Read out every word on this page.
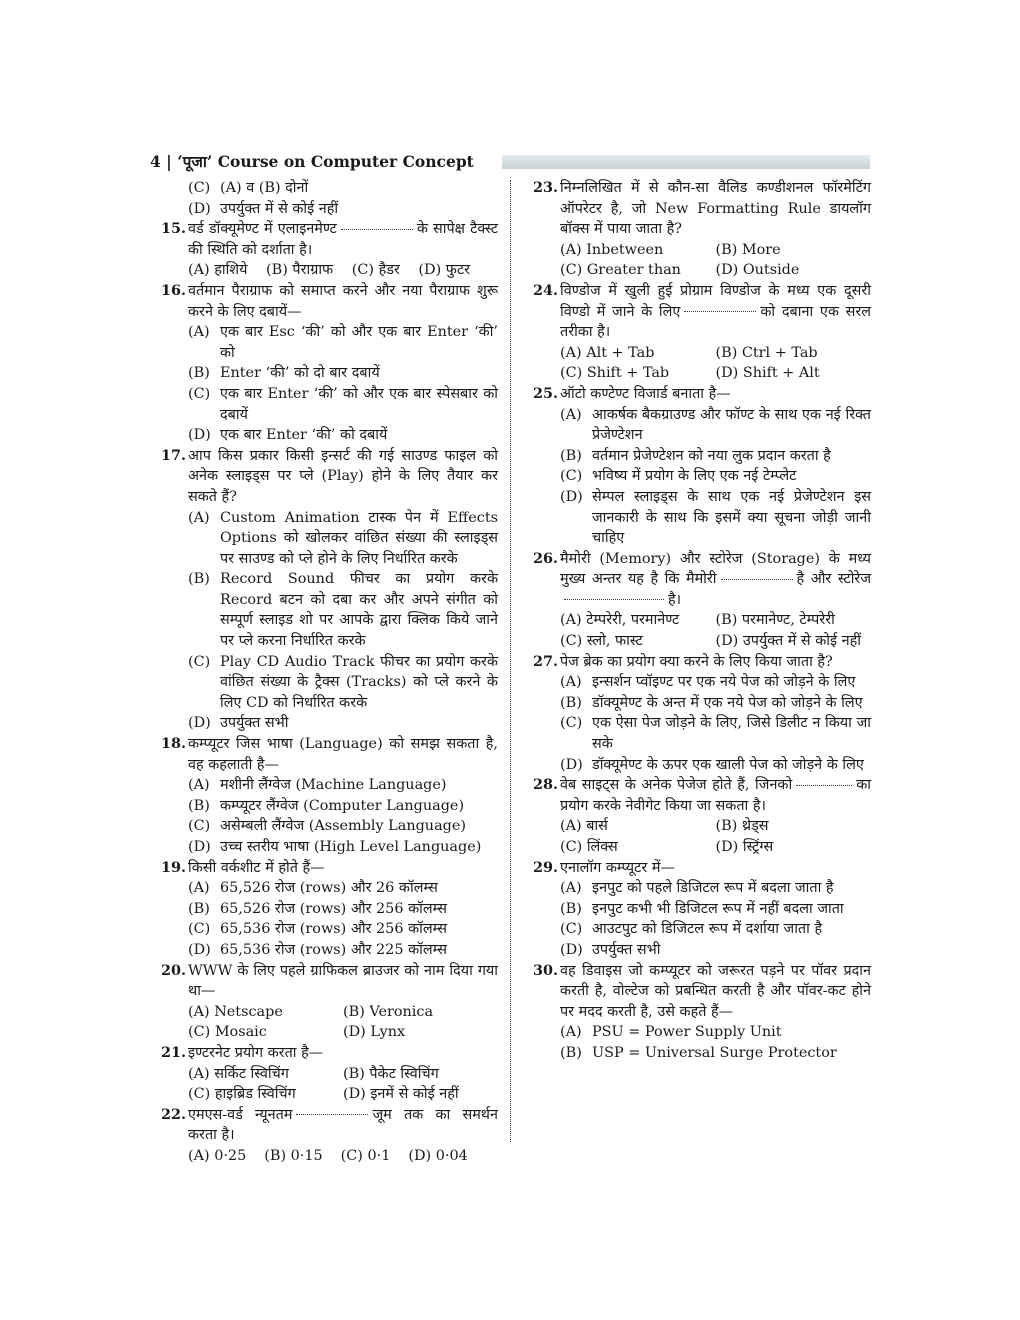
4 | ‘पूजा’ Course on Computer Concept
(C) (A) व (B) दोनों
(D) उपर्युक्त में से कोई नहीं
15. वर्ड डॉक्यूमेण्ट में एलाइनमेण्ट	के सापेक्ष टैक्स्ट की स्थिति को दर्शाता है।
(A) हाशिये (B) पैराग्राफ (C) हैडर (D) फुटर
16. वर्तमान पैराग्राफ को समाप्त करने और नया पैराग्राफ शुरू करने के लिए दबायें—
(A) एक बार Esc ‘की’ को और एक बार Enter ‘की’ को
(B) Enter ‘की’ को दो बार दबायें
(C) एक बार Enter ‘की’ को और एक बार स्पेसबार को दबायें
(D) एक बार Enter ‘की’ को दबायें
17. आप किस प्रकार किसी इन्सर्ट की गई साउण्ड फाइल को अनेक स्लाइड्स पर प्ले (Play) होने के लिए तैयार कर सकते हैं?
(A) Custom Animation टास्क पेन में Effects Options को खोलकर वांछित संख्या की स्लाइड्स पर साउण्ड को प्ले होने के लिए निर्धारित करके
(B) Record Sound फीचर का प्रयोग करके Record बटन को दबा कर और अपने संगीत को सम्पूर्ण स्लाइड शो पर आपके द्वारा क्लिक किये जाने पर प्ले करना निर्धारित करके
(C) Play CD Audio Track फीचर का प्रयोग करके वांछित संख्या के ट्रैक्स (Tracks) को प्ले करने के लिए CD को निर्धारित करके
(D) उपर्युक्त सभी
18. कम्प्यूटर जिस भाषा (Language) को समझ सकता है, वह कहलाती है—
(A) मशीनी लैंग्वेज (Machine Language)
(B) कम्प्यूटर लैंग्वेज (Computer Language)
(C) असेम्बली लैंग्वेज (Assembly Language)
(D) उच्च स्तरीय भाषा (High Level Language)
19. किसी वर्कशीट में होते हैं—
(A) 65,526 रोज (rows) और 26 कॉलम्स
(B) 65,526 रोज (rows) और 256 कॉलम्स
(C) 65,536 रोज (rows) और 256 कॉलम्स
(D) 65,536 रोज (rows) और 225 कॉलम्स
20. WWW के लिए पहले ग्राफिकल ब्राउजर को नाम दिया गया था—
(A) Netscape	(B) Veronica
(C) Mosaic	(D) Lynx
21. इण्टरनेट प्रयोग करता है—
(A) सर्किट स्विचिंग	(B) पैकेट स्विचिंग
(C) हाइब्रिड स्विचिंग	(D) इनमें से कोई नहीं
22. एमएस-वर्ड न्यूनतम	जूम तक का समर्थन करता है।
(A) 0·25 (B) 0·15 (C) 0·1 (D) 0·04
23. निम्नलिखित में से कौन-सा वैलिड कण्डीशनल फॉरमेटिंग ऑपरेटर है, जो New Formatting Rule डायलॉग बॉक्स में पाया जाता है?
(A) Inbetween	(B) More
(C) Greater than	(D) Outside
24. विण्डोज में खुली हुई प्रोग्राम विण्डोज के मध्य एक दूसरी विण्डो में जाने के लिए	को दबाना एक सरल तरीका है।
(A) Alt + Tab	(B) Ctrl + Tab
(C) Shift + Tab	(D) Shift + Alt
25. ऑटो कण्टेण्ट विजार्ड बनाता है—
(A) आकर्षक बैकग्राउण्ड और फॉण्ट के साथ एक नई रिक्त प्रेजेण्टेशन
(B) वर्तमान प्रेजेण्टेशन को नया लुक प्रदान करता है
(C) भविष्य में प्रयोग के लिए एक नई टेम्प्लेट
(D) सेम्पल स्लाइड्स के साथ एक नई प्रेजेण्टेशन इस जानकारी के साथ कि इसमें क्या सूचना जोड़ी जानी चाहिए
26. मैमोरी (Memory) और स्टोरेज (Storage) के मध्य मुख्य अन्तर यह है कि मैमोरी	है और स्टोरेजहै।
(A) टेम्परेरी, परमानेण्ट	(B) परमानेण्ट, टेम्परेरी
(C) स्लो, फास्ट	(D) उपर्युक्त में से कोई नहीं
27. पेज ब्रेक का प्रयोग क्या करने के लिए किया जाता है?
(A) इन्सर्शन प्वॉइण्ट पर एक नये पेज को जोड़ने के लिए
(B) डॉक्यूमेण्ट के अन्त में एक नये पेज को जोड़ने के लिए
(C) एक ऐसा पेज जोड़ने के लिए, जिसे डिलीट न किया जा सके
(D) डॉक्यूमेण्ट के ऊपर एक खाली पेज को जोड़ने के लिए
28. वेब साइट्स के अनेक पेजेज होते हैं, जिनको	का प्रयोग करके नेवीगेट किया जा सकता है।
(A) बार्स	(B) थ्रेड्स
(C) लिंक्स	(D) स्ट्रिंग्स
29. एनालॉग कम्प्यूटर में—
(A) इनपुट को पहले डिजिटल रूप में बदला जाता है
(B) इनपुट कभी भी डिजिटल रूप में नहीं बदला जाता
(C) आउटपुट को डिजिटल रूप में दर्शाया जाता है
(D) उपर्युक्त सभी
30. वह डिवाइस जो कम्प्यूटर को जरूरत पड़ने पर पॉवर प्रदान करती है, वोल्टेज को प्रबन्धित करती है और पॉवर-कट होने पर मदद करती है, उसे कहते हैं—
(A) PSU = Power Supply Unit
(B) USP = Universal Surge Protector
